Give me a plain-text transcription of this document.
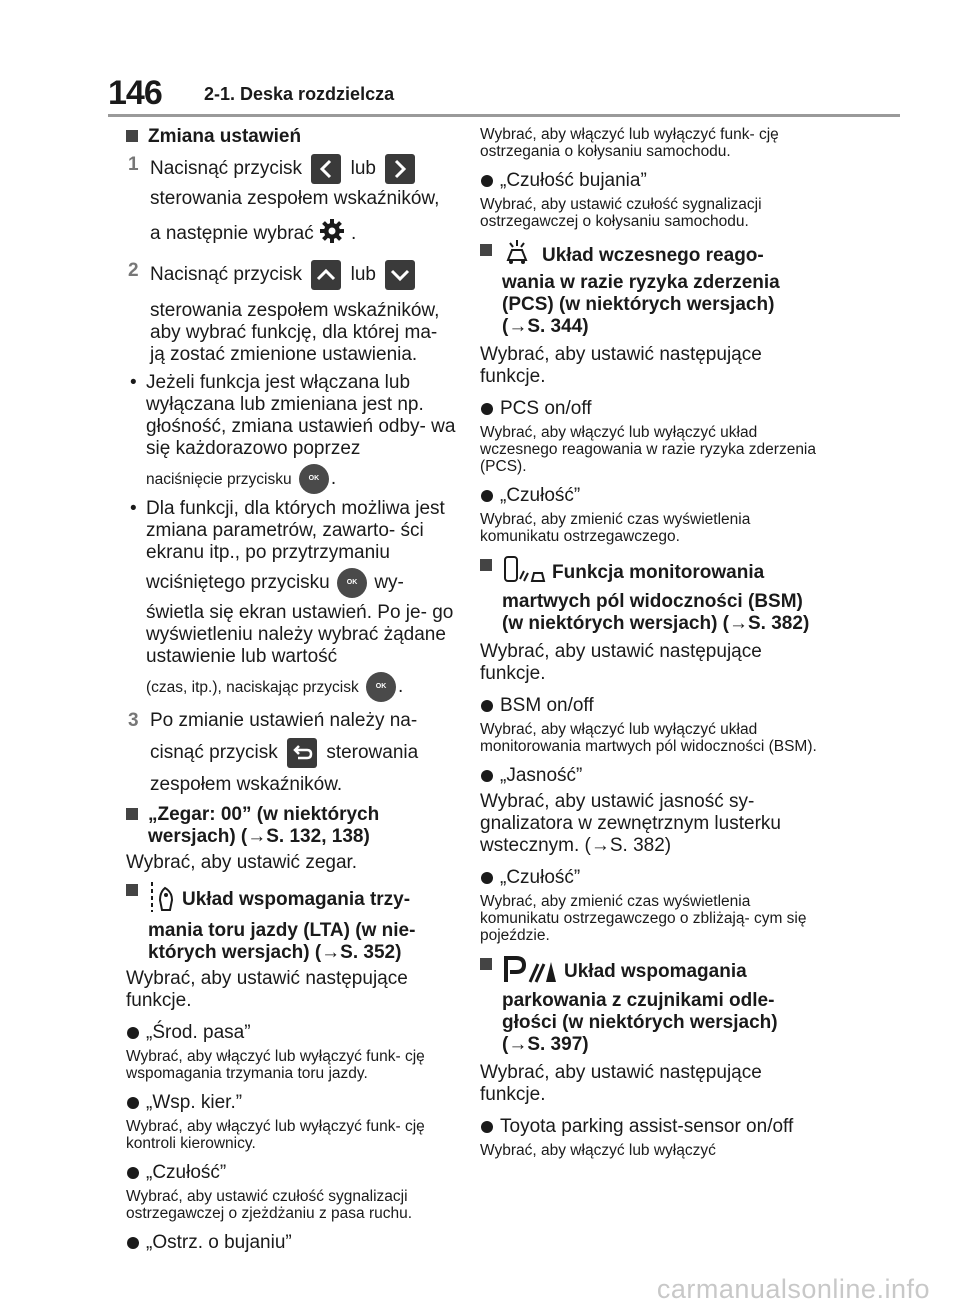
146 2-1. Deska rozdzielcza
Zmiana ustawień
1 Nacisnąć przycisk	lub
sterowania zespołem wskaźników,
a następnie wybrać .
2 Nacisnąć przycisk	lub
sterowania zespołem wskaźników, aby wybrać funkcję, dla której ma-
ją zostać zmienione ustawienia.
• Jeżeli funkcja jest włączana lub wyłączana lub zmieniana jest np. głośność, zmiana ustawień odby- wa się każdorazowo poprzez
naciśnięcie przycisku OK .
• Dla funkcji, dla których możliwa jest zmiana parametrów, zawarto- ści ekranu itp., po przytrzymaniu
wciśniętego przycisku OK wy-
świetla się ekran ustawień. Po je- go wyświetleniu należy wybrać żądane ustawienie lub wartość
(czas, itp.), naciskając przycisk OK .
3 Po zmianie ustawień należy na-
cisnąć przycisk	sterowania
zespołem wskaźników.
„Zegar: 00” (w niektórych
wersjach) (→S. 132, 138)

Wybrać, aby ustawić zegar.

Układ wspomagania trzy-
mania toru jazdy (LTA) (w nie- których wersjach) (→S. 352)

Wybrać, aby ustawić następujące funkcje.

„Środ. pasa”

Wybrać, aby włączyć lub wyłączyć funk- cję wspomagania trzymania toru jazdy.

„Wsp. kier.”

Wybrać, aby włączyć lub wyłączyć funk- cję kontroli kierownicy.

„Czułość”

Wybrać, aby ustawić czułość sygnalizacji ostrzegawczej o zjeżdżaniu z pasa ruchu.

„Ostrz. o bujaniu”

Wybrać, aby włączyć lub wyłączyć funk- cję ostrzegania o kołysaniu samochodu.

„Czułość bujania”

Wybrać, aby ustawić czułość sygnalizacji ostrzegawczej o kołysaniu samochodu.

Układ wczesnego reago-
wania w razie ryzyka zderzenia (PCS) (w niektórych wersjach) (→S. 344)

Wybrać, aby ustawić następujące funkcje.

PCS on/off

Wybrać, aby włączyć lub wyłączyć układ wczesnego reagowania w razie ryzyka zderzenia (PCS).

„Czułość”

Wybrać, aby zmienić czas wyświetlenia komunikatu ostrzegawczego.

Funkcja monitorowania
martwych pól widoczności (BSM) (w niektórych wersjach) (→S. 382)

Wybrać, aby ustawić następujące funkcje.

BSM on/off

Wybrać, aby włączyć lub wyłączyć układ monitorowania martwych pól widoczności (BSM).

„Jasność”

Wybrać, aby ustawić jasność sy- gnalizatora w zewnętrznym lusterku wstecznym. (→S. 382)

„Czułość”

Wybrać, aby zmienić czas wyświetlenia komunikatu ostrzegawczego o zbliżają- cym się pojeździe.

Układ wspomagania
parkowania z czujnikami odle- głości (w niektórych wersjach) (→S. 397)

Wybrać, aby ustawić następujące funkcje.

Toyota parking assist-sensor on/off

Wybrać, aby włączyć lub wyłączyć

carmanualsonline.info
